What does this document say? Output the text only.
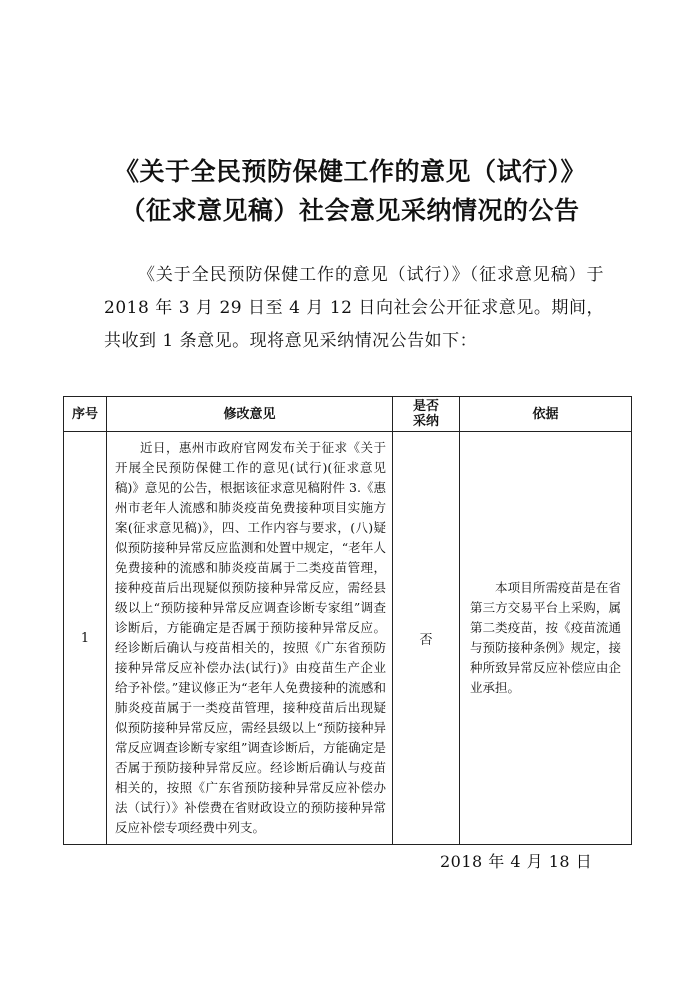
《关于全民预防保健工作的意见（试行）》
（征求意见稿）社会意见采纳情况的公告

《关于全民预防保健工作的意见（试行）》（征求意见稿）于 2018 年 3 月 29 日至 4 月 12 日向社会公开征求意见。期间，共收到 1 条意见。现将意见采纳情况公告如下：

序号	修改意见	是否采纳	依据
1	近日，惠州市政府官网发布关于征求《关于开展全民预防保健工作的意见(试行)(征求意见稿)》意见的公告，根据该征求意见稿附件 3.《惠州市老年人流感和肺炎疫苗免费接种项目实施方案(征求意见稿)》，四、工作内容与要求，(八)疑似预防接种异常反应监测和处置中规定，“老年人免费接种的流感和肺炎疫苗属于二类疫苗管理，接种疫苗后出现疑似预防接种异常反应，需经县级以上“预防接种异常反应调查诊断专家组”调查诊断后，方能确定是否属于预防接种异常反应。经诊断后确认与疫苗相关的，按照《广东省预防接种异常反应补偿办法(试行)》由疫苗生产企业给予补偿。”建议修正为“老年人免费接种的流感和肺炎疫苗属于一类疫苗管理，接种疫苗后出现疑似预防接种异常反应，需经县级以上“预防接种异常反应调查诊断专家组”调查诊断后，方能确定是否属于预防接种异常反应。经诊断后确认与疫苗相关的，按照《广东省预防接种异常反应补偿办法（试行）》补偿费在省财政设立的预防接种异常反应补偿专项经费中列支。	否	本项目所需疫苗是在省第三方交易平台上采购，属第二类疫苗，按《疫苗流通与预防接种条例》规定，接种所致异常反应补偿应由企业承担。
2018 年 4 月 18 日
